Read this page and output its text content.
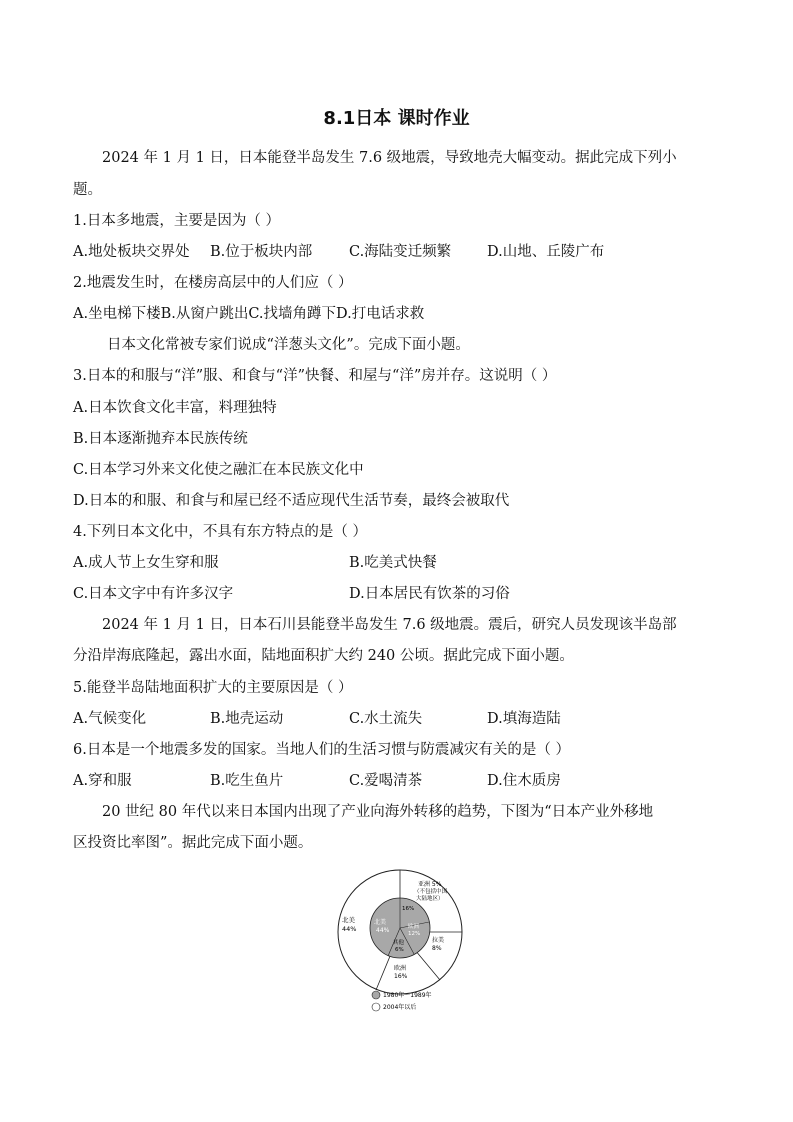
8.1日本 课时作业
2024 年 1 月 1 日，日本能登半岛发生 7.6 级地震，导致地壳大幅变动。据此完成下列小
题。
1.日本多地震，主要是因为（ ）
A.地处板块交界处 B.位于板块内部	C.海陆变迁频繁 D.山地、丘陵广布
2.地震发生时，在楼房高层中的人们应（ ）
A.坐电梯下楼B.从窗户跳出C.找墙角蹲下D.打电话求救
日本文化常被专家们说成“洋葱头文化”。完成下面小题。
3.日本的和服与“洋”服、和食与“洋”快餐、和屋与“洋”房并存。这说明（ ）
A.日本饮食文化丰富，料理独特
B.日本逐渐抛弃本民族传统
C.日本学习外来文化使之融汇在本民族文化中
D.日本的和服、和食与和屋已经不适应现代生活节奏，最终会被取代
4.下列日本文化中，不具有东方特点的是（ ）
A.成人节上女生穿和服	B.吃美式快餐
C.日本文字中有许多汉字	D.日本居民有饮茶的习俗
2024 年 1 月 1 日，日本石川县能登半岛发生 7.6 级地震。震后，研究人员发现该半岛部
分沿岸海底隆起，露出水面，陆地面积扩大约 240 公顷。据此完成下面小题。
5.能登半岛陆地面积扩大的主要原因是（ ）
A.气候变化	B.地壳运动	C.水土流失	D.填海造陆
6.日本是一个地震多发的国家。当地人们的生活习惯与防震减灾有关的是（ ）
A.穿和服	B.吃生鱼片	C.爱喝清茶	D.住木质房
20 世纪 80 年代以来日本国内出现了产业向海外转移的趋势，下图为“日本产业外移地
区投资比率图”。据此完成下面小题。
北美
44%
亚洲 5%
（不包括中国
大陆地区）
拉美
8%
欧洲
16%
北美
44%
16%
欧洲
12%
其他
6%
1980年～1989年
2004年以后
